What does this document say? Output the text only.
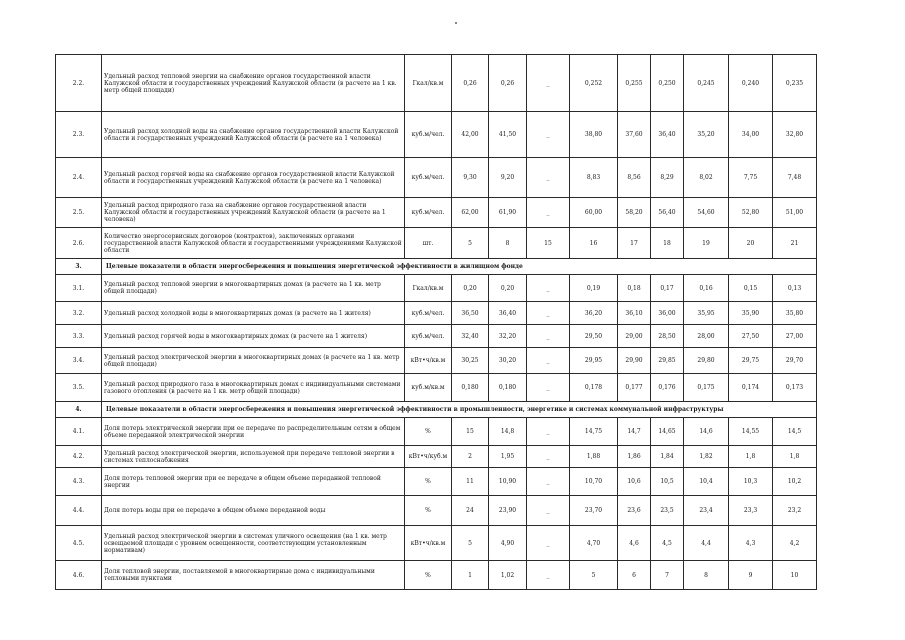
2.2.	Удельный расход тепловой энергии на снабжение органов государственной власти Калужской области и государственных учреждений Калужской области (в расчете на 1 кв. метр общей площади)	Гкал/кв.м	0,26	0,26	_	0,252	0,255	0,250	0,245	0,240	0,235
2.3.	Удельный расход холодной воды на снабжение органов государственной власти Калужской области и государственных учреждений Калужской области (в расчете на 1 человека)	куб.м/чел.	42,00	41,50	_	38,80	37,60	36,40	35,20	34,00	32,80
2.4.	Удельный расход горячей воды на снабжение органов государственной власти Калужской области и государственных учреждений Калужской области (в расчете на 1 человека)	куб.м/чел.	9,30	9,20	_	8,83	8,56	8,29	8,02	7,75	7,48
2.5.	Удельный расход природного газа на снабжение органов государственной власти Калужской области и государственных учреждений Калужской области (в расчете на 1 человека)	куб.м/чел.	62,00	61,90	_	60,00	58,20	56,40	54,60	52,80	51,00
2.6.	Количество энергосервисных договоров (контрактов), заключенных органами государственной власти Калужской области и государственными учреждениями Калужской области	шт.	5	8	15	16	17	18	19	20	21
3.	Целевые показатели в области энергосбережения и повышения энергетической эффективности в жилищном фонде										
3.1.	Удельный расход тепловой энергии в многоквартирных домах (в расчете на 1 кв. метр общей площади)	Гкал/кв.м	0,20	0,20	_	0,19	0,18	0,17	0,16	0,15	0,13
3.2.	Удельный расход холодной воды в многоквартирных домах (в расчете на 1 жителя)	куб.м/чел.	36,50	36,40	_	36,20	36,10	36,00	35,95	35,90	35,80
3.3.	Удельный расход горячей воды в многоквартирных домах (в расчете на 1 жителя)	куб.м/чел.	32,40	32,20	_	29,50	29,00	28,50	28,00	27,50	27,00
3.4.	Удельный расход электрической энергии в многоквартирных домах (в расчете на 1 кв. метр общей площади)	кВт•ч/кв.м	30,25	30,20	_	29,95	29,90	29,85	29,80	29,75	29,70
3.5.	Удельный расход природного газа в многоквартирных домах с индивидуальными системами газового отопления (в расчете на 1 кв. метр общей площади)	куб.м/кв.м	0,180	0,180	_	0,178	0,177	0,176	0,175	0,174	0,173
4.	Целевые показатели в области энергосбережения и повышения энергетической эффективности в промышленности, энергетике и системах коммунальной инфраструктуры										
4.1.	Доля потерь электрической энергии при ее передаче по распределительным сетям в общем объеме переданной электрической энергии	%	15	14,8	_	14,75	14,7	14,65	14,6	14,55	14,5
4.2.	Удельный расход электрической энергии, используемой при передаче тепловой энергии в системах теплоснабжения	кВт•ч/куб.м	2	1,95	_	1,88	1,86	1,84	1,82	1,8	1,8
4.3.	Доля потерь тепловой энергии при ее передаче в общем объеме переданной тепловой энергии	%	11	10,90	_	10,70	10,6	10,5	10,4	10,3	10,2
4.4.	Доля потерь воды при ее передаче в общем объеме переданной воды	%	24	23,90	_	23,70	23,6	23,5	23,4	23,3	23,2
4.5.	Удельный расход электрической энергии в системах уличного освещения (на 1 кв. метр освещаемой площади с уровнем освещенности, соответствующим установленным нормативам)	кВт•ч/кв.м	5	4,90	_	4,70	4,6	4,5	4,4	4,3	4,2
4.6.	Доля тепловой энергии, поставляемой в многоквартирные дома с индивидуальными тепловыми пунктами	%	1	1,02	_	5	6	7	8	9	10
